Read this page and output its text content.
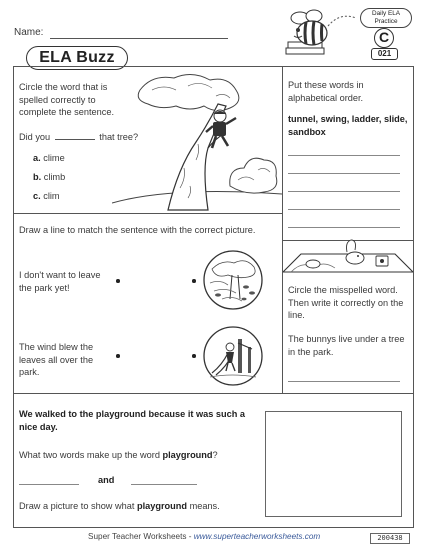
Name:
ELA Buzz
Daily ELA Practice
C
021
Circle the word that is spelled correctly to complete the sentence.
Did you	that tree?
a. clime
b. climb
c. clim
Put these words in alphabetical order.
tunnel, swing, ladder, slide, sandbox
Draw a line to match the sentence with the correct picture.
I don't want to leave the park yet!
The wind blew the leaves all over the park.
Circle the misspelled word. Then write it correctly on the line.
The bunnys live under a tree in the park.
We walked to the playground because it was such a nice day.
What two words make up the word playground?
and
Draw a picture to show what playground means.
Super Teacher Worksheets - www.superteacherworksheets.com	200438
